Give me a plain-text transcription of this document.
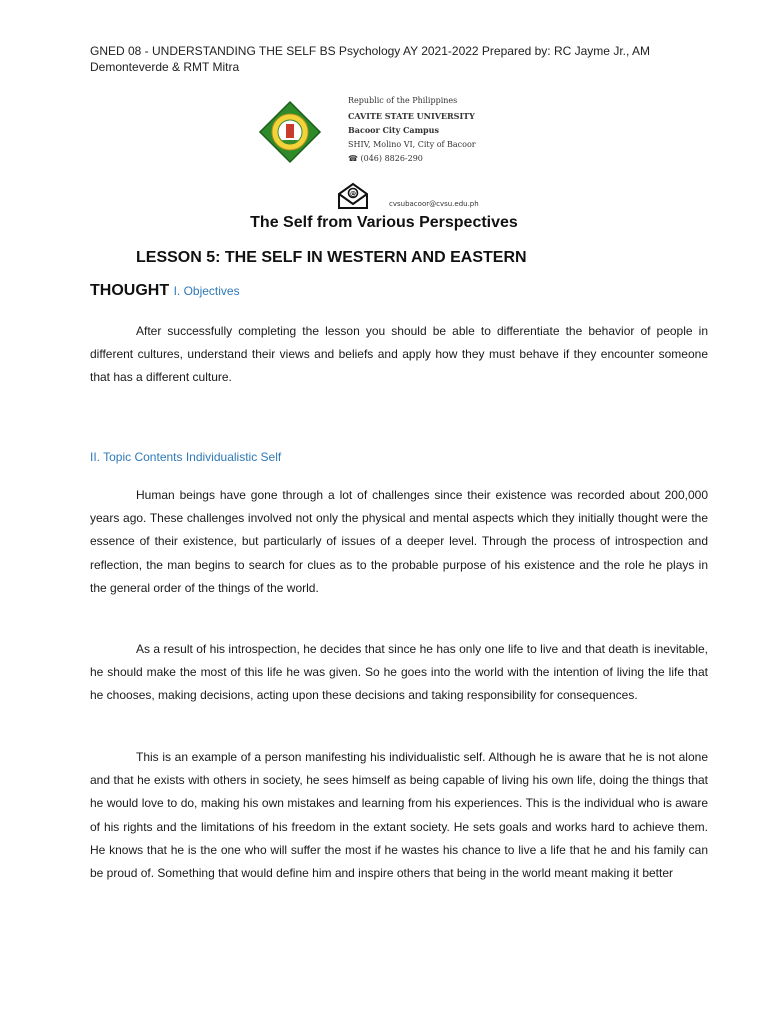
GNED 08 - UNDERSTANDING THE SELF BS Psychology AY 2021-2022 Prepared by: RC Jayme Jr., AM
Demonteverde & RMT Mitra
Republic of the Philippines
CAVITE STATE UNIVERSITY
Bacoor City Campus
SHIV, Molino VI, City of Bacoor
☎ (046) 8826-290
@
cvsubacoor@cvsu.edu.ph
The Self from Various Perspectives
LESSON 5: THE SELF IN WESTERN AND EASTERN
THOUGHT I. Objectives

After successfully completing the lesson you should be able to differentiate the behavior of people in different cultures, understand their views and beliefs and apply how they must behave if they encounter someone that has a different culture.

II. Topic Contents Individualistic Self

Human beings have gone through a lot of challenges since their existence was recorded about 200,000 years ago. These challenges involved not only the physical and mental aspects which they initially thought were the essence of their existence, but particularly of issues of a deeper level. Through the process of introspection and reflection, the man begins to search for clues as to the probable purpose of his existence and the role he plays in the general order of the things of the world.

As a result of his introspection, he decides that since he has only one life to live and that death is inevitable, he should make the most of this life he was given. So he goes into the world with the intention of living the life that he chooses, making decisions, acting upon these decisions and taking responsibility for consequences.

This is an example of a person manifesting his individualistic self. Although he is aware that he is not alone and that he exists with others in society, he sees himself as being capable of living his own life, doing the things that he would love to do, making his own mistakes and learning from his experiences. This is the individual who is aware of his rights and the limitations of his freedom in the extant society. He sets goals and works hard to achieve them. He knows that he is the one who will suffer the most if he wastes his chance to live a life that he and his family can be proud of. Something that would define him and inspire others that being in the world meant making it better
